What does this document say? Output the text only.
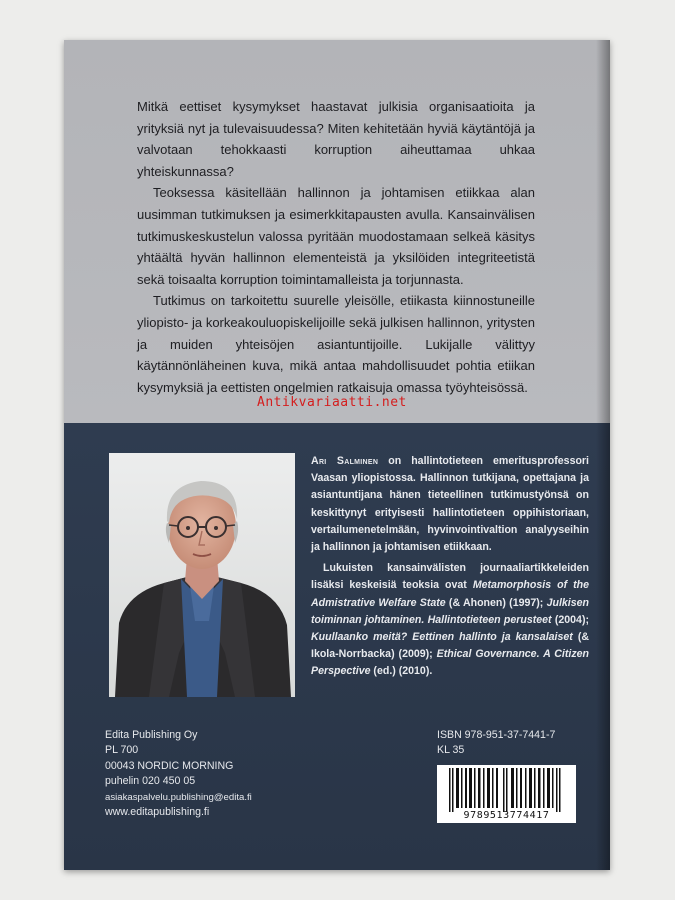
Mitkä eettiset kysymykset haastavat julkisia organisaatioita ja yrityksiä nyt ja tulevaisuudessa? Miten kehitetään hyviä käytäntöjä ja valvotaan tehokkaasti korruption aiheuttamaa uhkaa yhteiskunnassa?

Teoksessa käsitellään hallinnon ja johtamisen etiikkaa alan uusimman tutkimuksen ja esimerkkitapausten avulla. Kansainvälisen tutkimuskeskustelun valossa pyritään muodostamaan selkeä käsitys yhtäältä hyvän hallinnon elementeistä ja yksilöiden integriteetistä sekä toisaalta korruption toimintamalleista ja torjunnasta.

Tutkimus on tarkoitettu suurelle yleisölle, etiikasta kiinnostuneille yliopisto- ja korkeakouluopiskelijoille sekä julkisen hallinnon, yritysten ja muiden yhteisöjen asiantuntijoille. Lukijalle välittyy käytännönläheinen kuva, mikä antaa mahdollisuudet pohtia etiikan kysymyksiä ja eettisten ongelmien ratkaisuja omassa työyhteisössä.

Antikvariaatti.net

Ari Salminen on hallintotieteen emeritusprofessori Vaasan yliopistossa. Hallinnon tutkijana, opettajana ja asiantuntijana hänen tieteellinen tutkimustyönsä on keskittynyt erityisesti hallintotieteen oppihistoriaan, vertailumenetelmään, hyvinvointivaltion analyyseihin ja hallinnon ja johtamisen etiikkaan.

Lukuisten kansainvälisten journaaliartikkeleiden lisäksi keskeisiä teoksia ovat Metamorphosis of the Admistrative Welfare State (& Ahonen) (1997); Julkisen toiminnan johtaminen. Hallintotieteen perusteet (2004); Kuullaanko meitä? Eettinen hallinto ja kansalaiset (& Ikola-Norrbacka) (2009); Ethical Governance. A Citizen Perspective (ed.) (2010).

Edita Publishing Oy
PL 700
00043 NORDIC MORNING
puhelin 020 450 05
asiakaspalvelu.publishing@edita.fi
www.editapublishing.fi
ISBN 978-951-37-7441-7
KL 35
9789513774417
